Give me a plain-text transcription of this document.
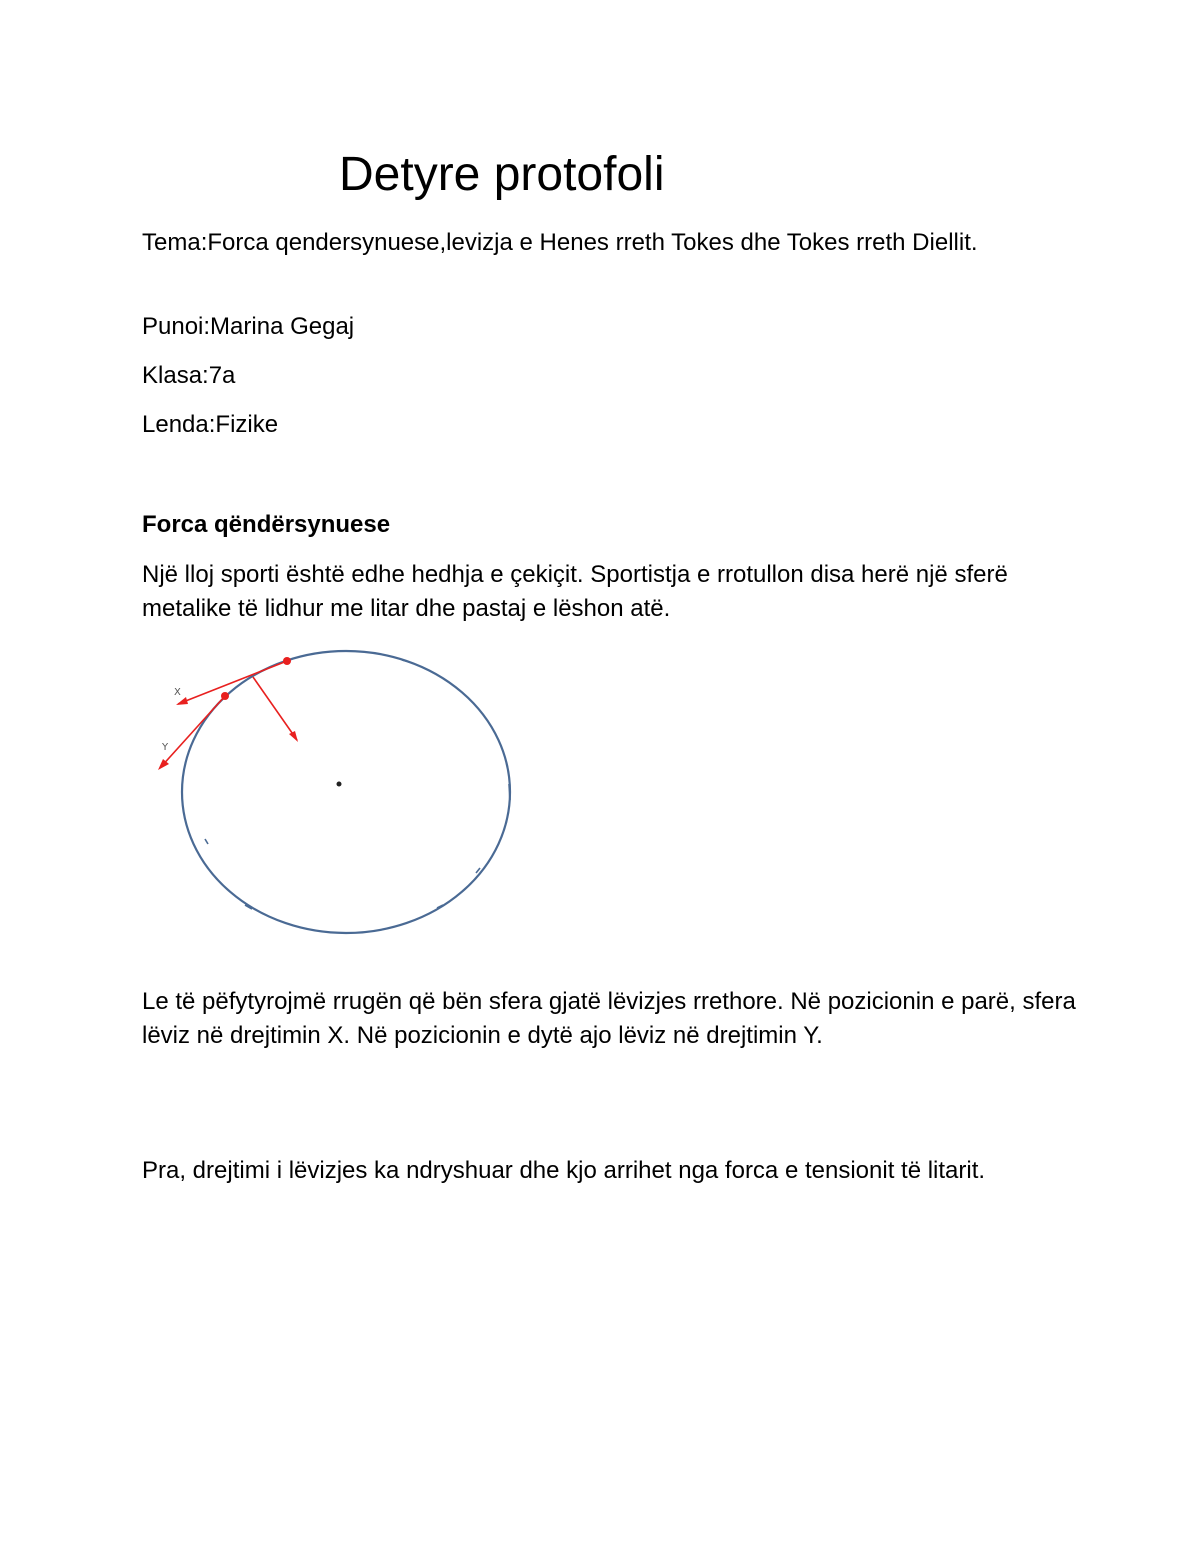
Detyre protofoli

Tema:Forca qendersynuese,levizja e Henes rreth Tokes dhe Tokes rreth Diellit.

Punoi:Marina Gegaj

Klasa:7a

Lenda:Fizike

Forca qëndërsynuese

Një lloj sporti është edhe hedhja e çekiçit. Sportistja e rrotullon disa herë një sferë metalike të lidhur me litar dhe pastaj e lëshon atë.

X
Y

Le të pëfytyrojmë rrugën që bën sfera gjatë lëvizjes rrethore. Në pozicionin e parë, sfera lëviz në drejtimin X. Në pozicionin e dytë ajo lëviz në drejtimin Y.

Pra, drejtimi i lëvizjes ka ndryshuar dhe kjo arrihet nga forca e tensionit të litarit.
